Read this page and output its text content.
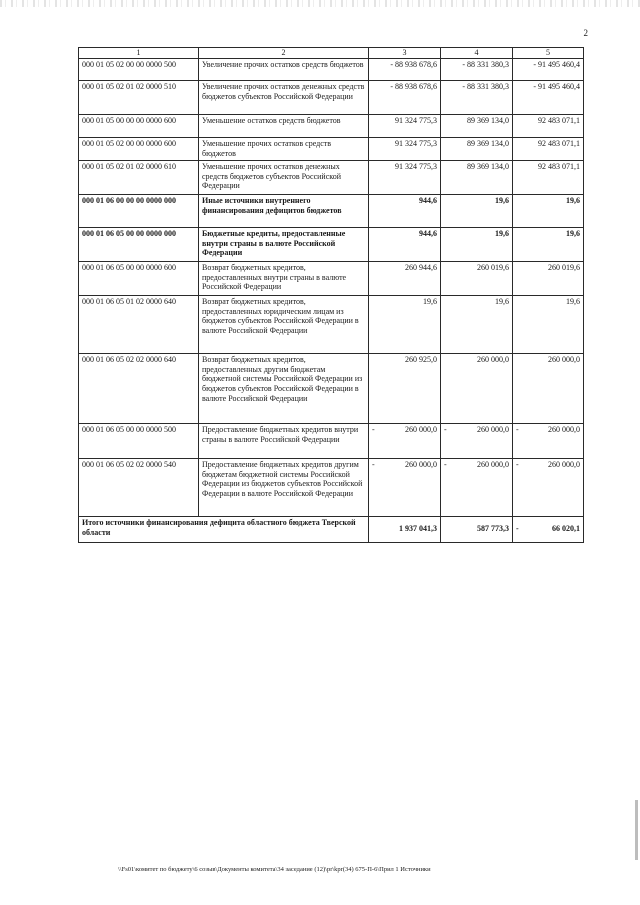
2
1	2	3	4	5
000 01 05 02 00 00 0000 500	Увеличение прочих остатков средств бюджетов	- 88 938 678,6	- 88 331 380,3	- 91 495 460,4
000 01 05 02 01 02 0000 510	Увеличение прочих остатков денежных средств бюджетов субъектов Российской Федерации	- 88 938 678,6	- 88 331 380,3	- 91 495 460,4
000 01 05 00 00 00 0000 600	Уменьшение остатков средств бюджетов	91 324 775,3	89 369 134,0	92 483 071,1
000 01 05 02 00 00 0000 600	Уменьшение прочих остатков средств бюджетов	91 324 775,3	89 369 134,0	92 483 071,1
000 01 05 02 01 02 0000 610	Уменьшение прочих остатков денежных средств бюджетов субъектов Российской Федерации	91 324 775,3	89 369 134,0	92 483 071,1
000 01 06 00 00 00 0000 000	Иные источники внутреннего финансирования дефицитов бюджетов	944,6	19,6	19,6
000 01 06 05 00 00 0000 000	Бюджетные кредиты, предоставленные внутри страны в валюте Российской Федерации	944,6	19,6	19,6
000 01 06 05 00 00 0000 600	Возврат бюджетных кредитов, предоставленных внутри страны в валюте Российской Федерации	260 944,6	260 019,6	260 019,6
000 01 06 05 01 02 0000 640	Возврат бюджетных кредитов, предоставленных юридическим лицам из бюджетов субъектов Российской Федерации в валюте Российской Федерации	19,6	19,6	19,6
000 01 06 05 02 02 0000 640	Возврат бюджетных кредитов, предоставленных другим бюджетам бюджетной системы Российской Федерации из бюджетов субъектов Российской Федерации в валюте Российской Федерации	260 925,0	260 000,0	260 000,0
000 01 06 05 00 00 0000 500	Предоставление бюджетных кредитов внутри страны в валюте Российской Федерации	- 260 000,0	- 260 000,0	- 260 000,0
000 01 06 05 02 02 0000 540	Предоставление бюджетных кредитов другим бюджетам бюджетной системы Российской Федерации из бюджетов субъектов Российской Федерации в валюте Российской Федерации	- 260 000,0	- 260 000,0	- 260 000,0
Итого источники финансирования дефицита областного бюджета Тверской области		1 937 041,3	587 773,3	- 66 020,1
\\Fs01\комитет по бюджету\6 созыв\Документы комитета\34 заседание (12)\pr\kpr(34) 675-П-6\Прил 1 Источники
